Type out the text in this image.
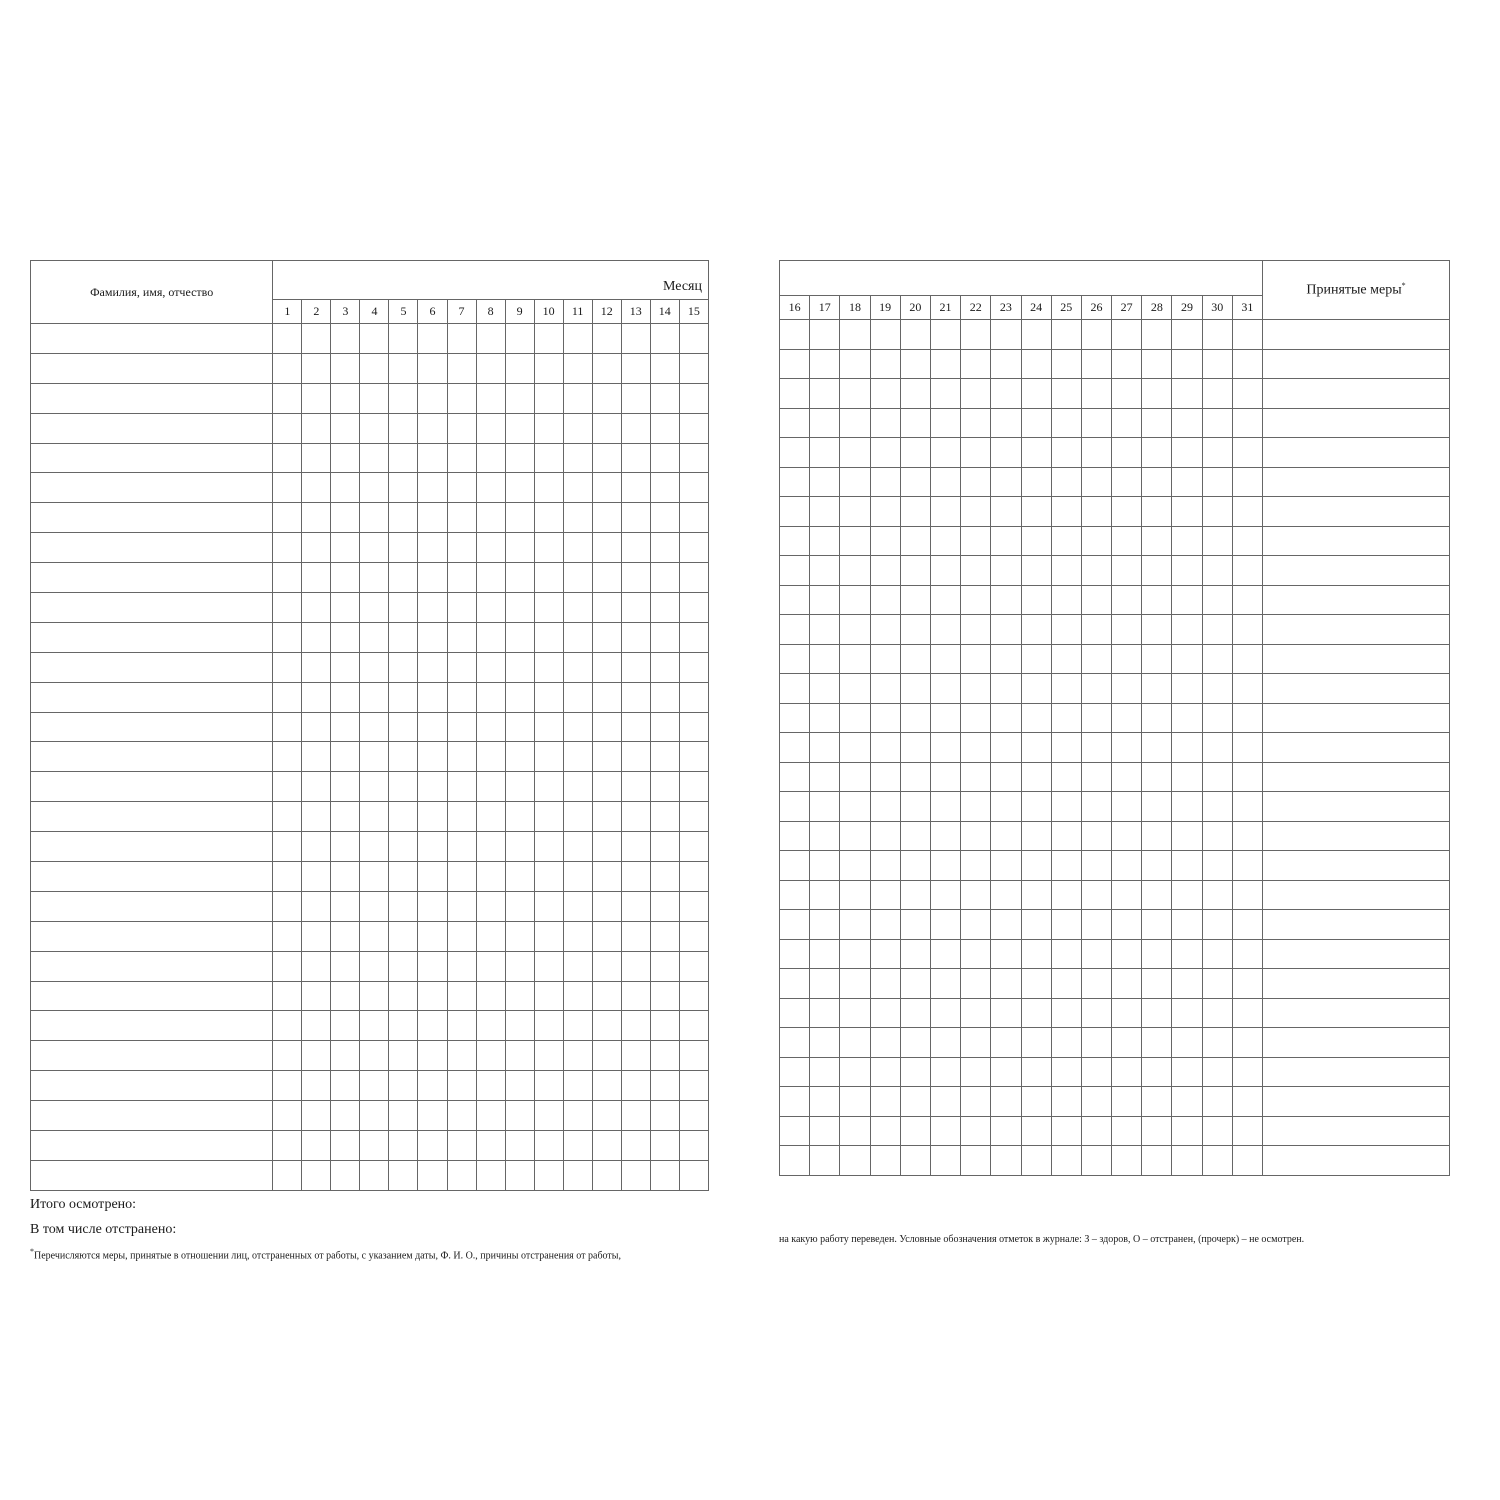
Фамилия, имя, отчество	Месяц														
	1	2	3	4	5	6	7	8	9	10	11	12	13	14	15

Итого осмотрено:
В том числе отстранено:
*Перечисляются меры, принятые в отношении лиц, отстраненных от работы, с указанием даты, Ф. И. О., причины отстранения от работы,
																Принятые меры*
16	17	18	19	20	21	22	23	24	25	26	27	28	29	30	31	

на какую работу переведен. Условные обозначения отметок в журнале: З – здоров, О – отстранен, (прочерк) – не осмотрен.
